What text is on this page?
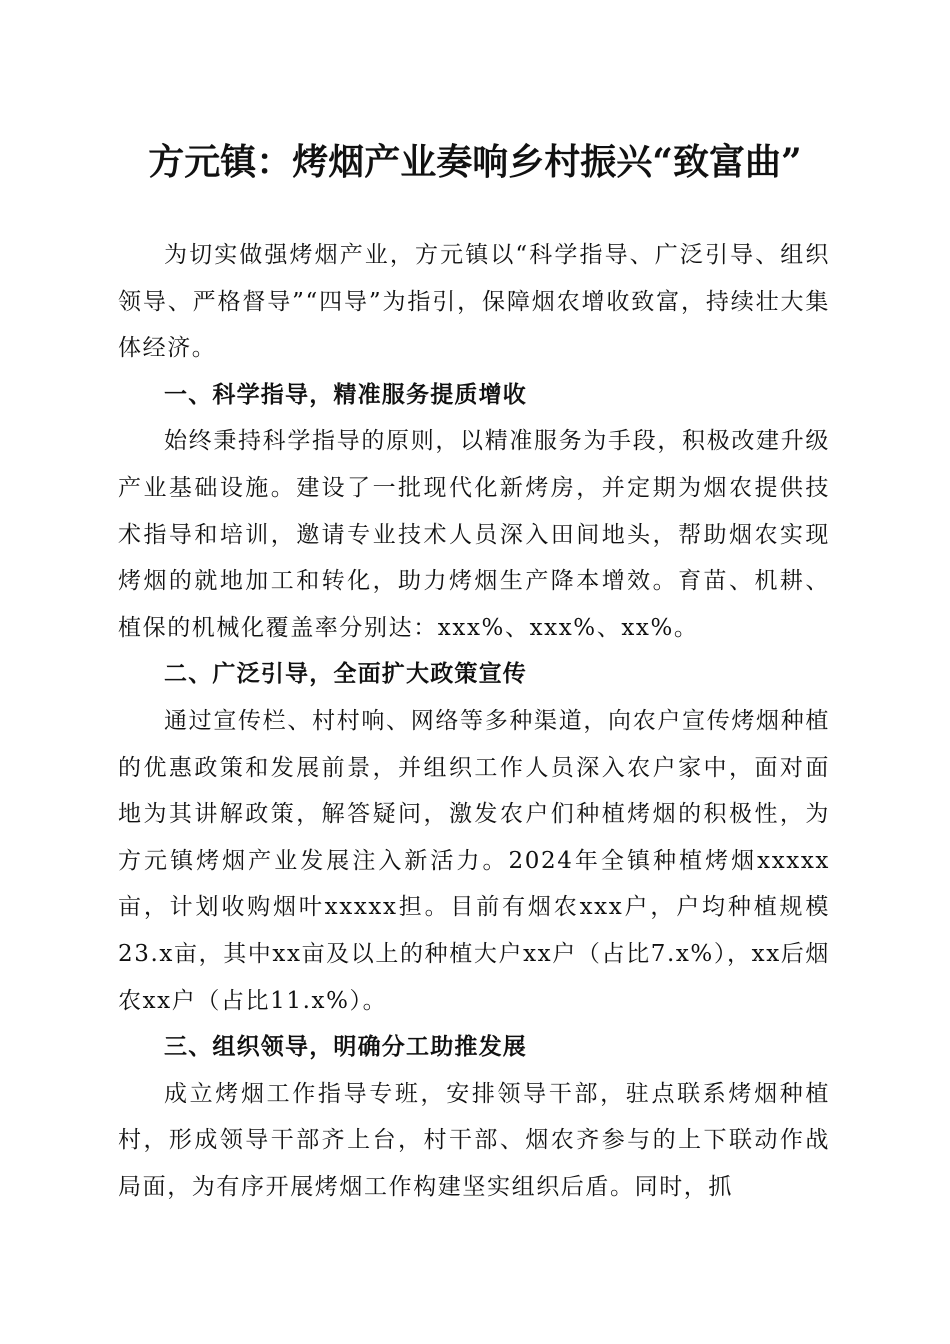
方元镇：烤烟产业奏响乡村振兴“致富曲”

为切实做强烤烟产业，方元镇以“科学指导、广泛引导、组织领导、严格督导”“四导”为指引，保障烟农增收致富，持续壮大集体经济。

一、科学指导，精准服务提质增收

始终秉持科学指导的原则，以精准服务为手段，积极改建升级产业基础设施。建设了一批现代化新烤房，并定期为烟农提供技术指导和培训，邀请专业技术人员深入田间地头，帮助烟农实现烤烟的就地加工和转化，助力烤烟生产降本增效。育苗、机耕、植保的机械化覆盖率分别达：xxx%、xxx%、xx%。

二、广泛引导，全面扩大政策宣传

通过宣传栏、村村响、网络等多种渠道，向农户宣传烤烟种植的优惠政策和发展前景，并组织工作人员深入农户家中，面对面地为其讲解政策，解答疑问，激发农户们种植烤烟的积极性，为方元镇烤烟产业发展注入新活力。2024年全镇种植烤烟xxxxx亩，计划收购烟叶xxxxx担。目前有烟农xxx户，户均种植规模23.x亩，其中xx亩及以上的种植大户xx户（占比7.x%），xx后烟农xx户（占比11.x%）。

三、组织领导，明确分工助推发展

成立烤烟工作指导专班，安排领导干部，驻点联系烤烟种植村，形成领导干部齐上台，村干部、烟农齐参与的上下联动作战局面，为有序开展烤烟工作构建坚实组织后盾。同时，抓
